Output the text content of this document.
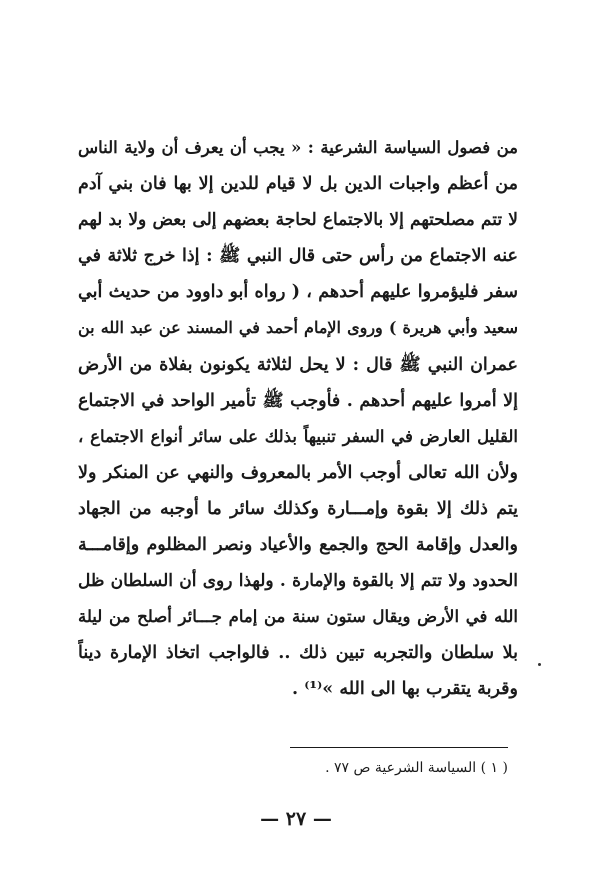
من فصول السياسة الشرعية : « يجب أن يعرف أن ولاية الناس
من أعظم واجبات الدين بل لا قيام للدين إلا بها فان بني آدم
لا تتم مصلحتهم إلا بالاجتماع لحاجة بعضهم إلى بعض ولا بد لهم
عنه الاجتماع من رأس حتى قال النبي ﷺ : إذا خرج ثلاثة في
سفر فليؤمروا عليهم أحدهم ، ( رواه أبو داوود من حديث أبي
سعيد وأبي هريرة ) وروى الإمام أحمد في المسند عن عبد الله بن
عمران النبي ﷺ قال : لا يحل لثلاثة يكونون بفلاة من الأرض
إلا أمروا عليهم أحدهم . فأوجب ﷺ تأمير الواحد في الاجتماع
القليل العارض في السفر تنبيهاً بذلك على سائر أنواع الاجتماع ،
ولأن الله تعالى أوجب الأمر بالمعروف والنهي عن المنكر ولا
يتم ذلك إلا بقوة وإمـــارة وكذلك سائر ما أوجبه من الجهاد
والعدل وإقامة الحج والجمع والأعياد ونصر المظلوم وإقامـــة
الحدود ولا تتم إلا بالقوة والإمارة . ولهذا روى أن السلطان ظل
الله في الأرض ويقال ستون سنة من إمام جـــائر أصلح من ليلة
بلا سلطان والتجربه تبين ذلك .. فالواجب اتخاذ الإمارة ديناً
وقربة يتقرب بها الى الله »⁽¹⁾ .
( ١ ) السياسة الشرعية ص ٧٧ .
— ٢٧ —
